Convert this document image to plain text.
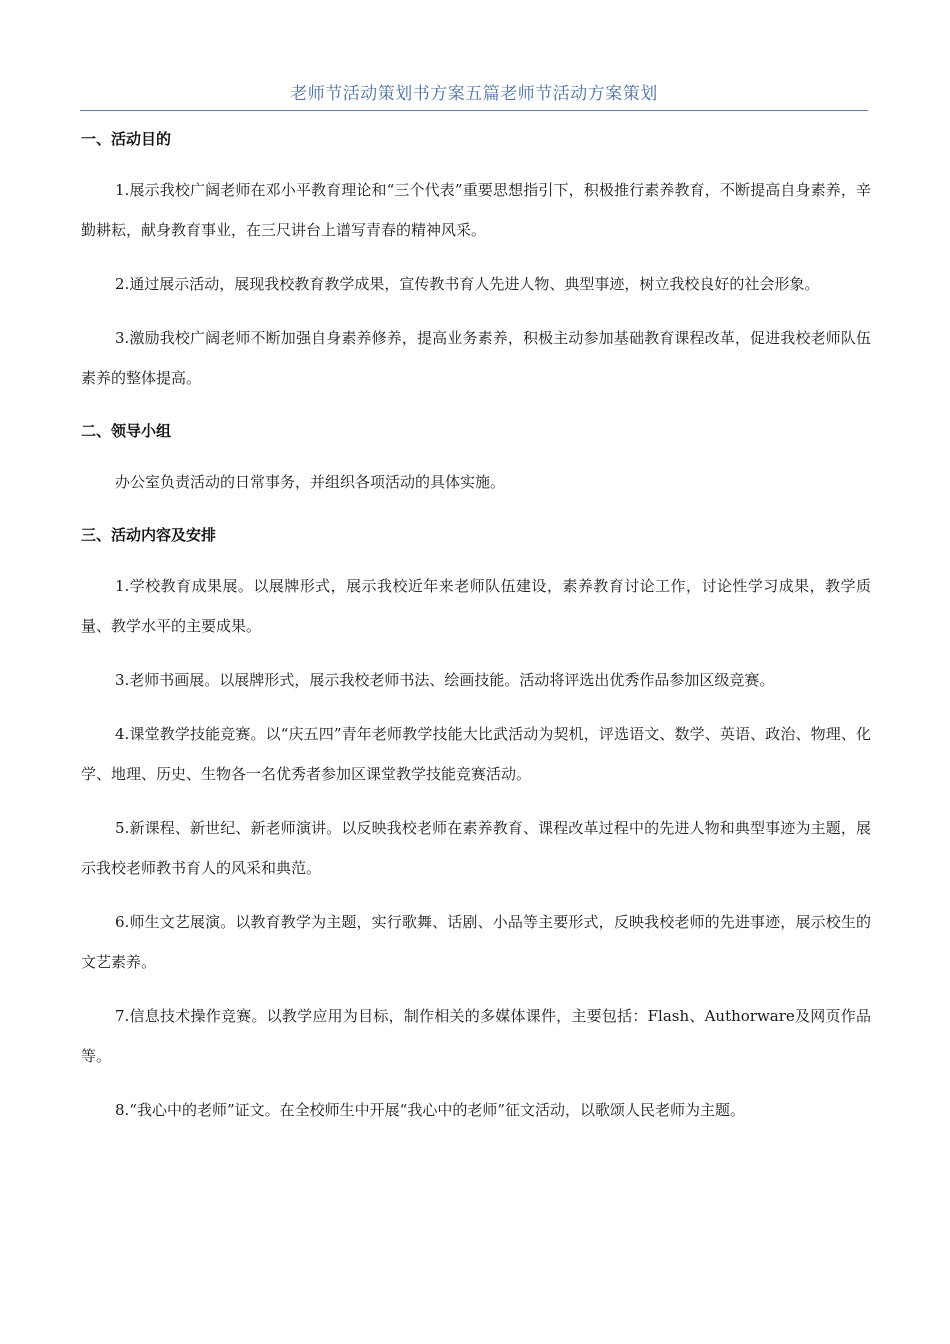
老师节活动策划书方案五篇老师节活动方案策划
一、活动目的

1.展示我校广阔老师在邓小平教育理论和“三个代表”重要思想指引下，积极推行素养教育，不断提高自身素养，辛勤耕耘，献身教育事业，在三尺讲台上谱写青春的精神风采。

2.通过展示活动，展现我校教育教学成果，宣传教书育人先进人物、典型事迹，树立我校良好的社会形象。

3.激励我校广阔老师不断加强自身素养修养，提高业务素养，积极主动参加基础教育课程改革，促进我校老师队伍素养的整体提高。

二、领导小组

办公室负责活动的日常事务，并组织各项活动的具体实施。

三、活动内容及安排

1.学校教育成果展。以展牌形式，展示我校近年来老师队伍建设，素养教育讨论工作，讨论性学习成果，教学质量、教学水平的主要成果。

3.老师书画展。以展牌形式，展示我校老师书法、绘画技能。活动将评选出优秀作品参加区级竞赛。

4.课堂教学技能竞赛。以“庆五四”青年老师教学技能大比武活动为契机，评选语文、数学、英语、政治、物理、化学、地理、历史、生物各一名优秀者参加区课堂教学技能竞赛活动。

5.新课程、新世纪、新老师演讲。以反映我校老师在素养教育、课程改革过程中的先进人物和典型事迹为主题，展示我校老师教书育人的风采和典范。

6.师生文艺展演。以教育教学为主题，实行歌舞、话剧、小品等主要形式，反映我校老师的先进事迹，展示校生的文艺素养。

7.信息技术操作竞赛。以教学应用为目标，制作相关的多媒体课件，主要包括：Flash、Authorware及网页作品等。

8.“我心中的老师”证文。在全校师生中开展“我心中的老师”征文活动，以歌颂人民老师为主题。
